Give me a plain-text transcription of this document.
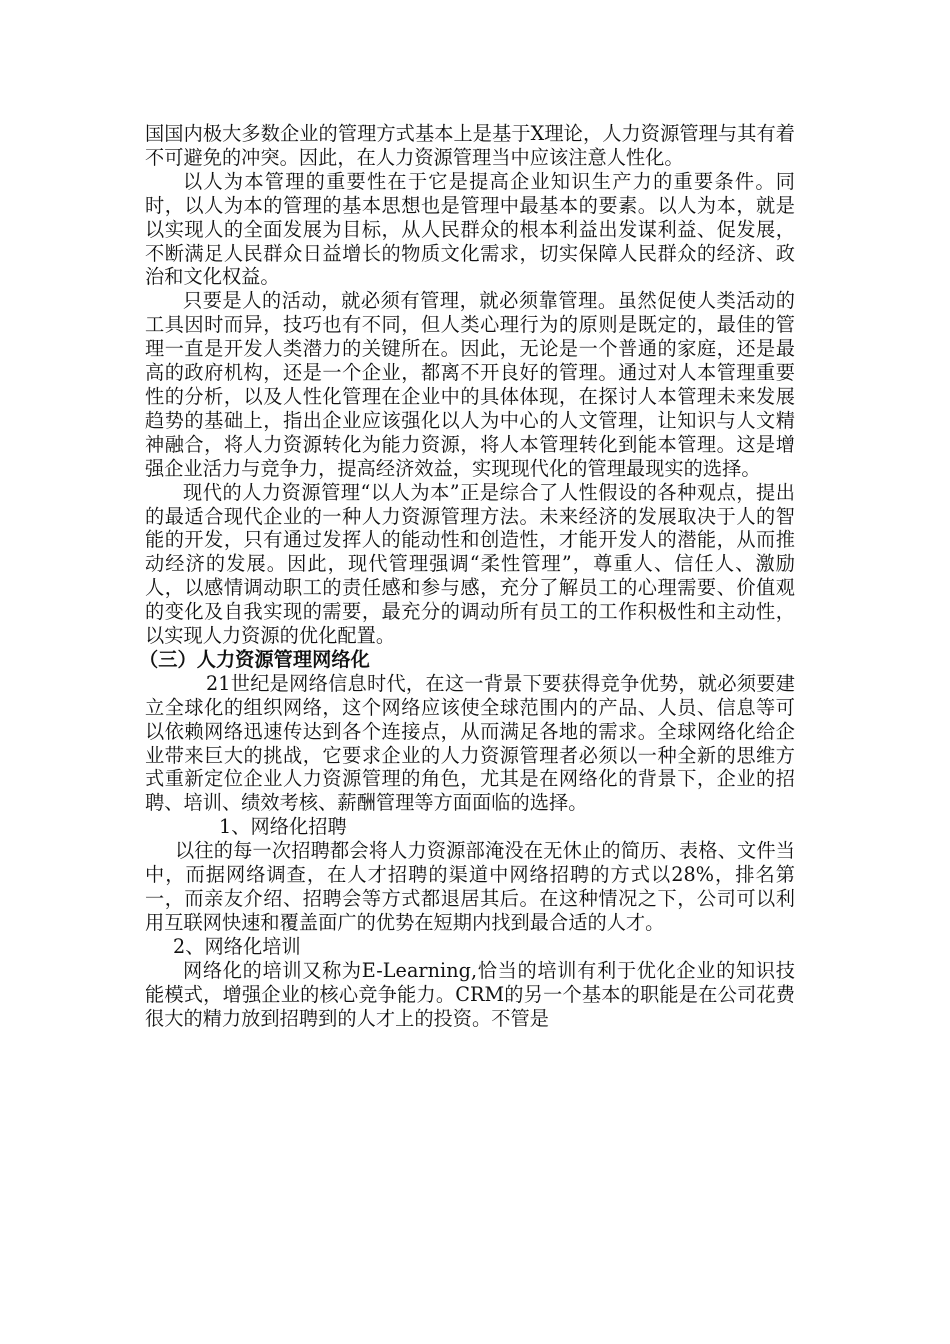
国国内极大多数企业的管理方式基本上是基于X理论，人力资源管理与其有着不可避免的冲突。因此，在人力资源管理当中应该注意人性化。

以人为本管理的重要性在于它是提高企业知识生产力的重要条件。同时，以人为本的管理的基本思想也是管理中最基本的要素。以人为本，就是以实现人的全面发展为目标，从人民群众的根本利益出发谋利益、促发展，不断满足人民群众日益增长的物质文化需求，切实保障人民群众的经济、政治和文化权益。

只要是人的活动，就必须有管理，就必须靠管理。虽然促使人类活动的工具因时而异，技巧也有不同，但人类心理行为的原则是既定的，最佳的管理一直是开发人类潜力的关键所在。因此，无论是一个普通的家庭，还是最高的政府机构，还是一个企业，都离不开良好的管理。通过对人本管理重要性的分析，以及人性化管理在企业中的具体体现，在探讨人本管理未来发展趋势的基础上，指出企业应该强化以人为中心的人文管理，让知识与人文精神融合，将人力资源转化为能力资源，将人本管理转化到能本管理。这是增强企业活力与竞争力，提高经济效益，实现现代化的管理最现实的选择。

现代的人力资源管理“以人为本”正是综合了人性假设的各种观点，提出的最适合现代企业的一种人力资源管理方法。未来经济的发展取决于人的智能的开发，只有通过发挥人的能动性和创造性，才能开发人的潜能，从而推动经济的发展。因此，现代管理强调“柔性管理”，尊重人、信任人、激励人，以感情调动职工的责任感和参与感，充分了解员工的心理需要、价值观的变化及自我实现的需要，最充分的调动所有员工的工作积极性和主动性，以实现人力资源的优化配置。

（三）人力资源管理网络化

21世纪是网络信息时代，在这一背景下要获得竞争优势，就必须要建立全球化的组织网络，这个网络应该使全球范围内的产品、人员、信息等可以依赖网络迅速传达到各个连接点，从而满足各地的需求。全球网络化给企业带来巨大的挑战，它要求企业的人力资源管理者必须以一种全新的思维方式重新定位企业人力资源管理的角色，尤其是在网络化的背景下，企业的招聘、培训、绩效考核、薪酬管理等方面面临的选择。

1、网络化招聘

以往的每一次招聘都会将人力资源部淹没在无休止的简历、表格、文件当中，而据网络调查，在人才招聘的渠道中网络招聘的方式以28%，排名第一，而亲友介绍、招聘会等方式都退居其后。在这种情况之下，公司可以利用互联网快速和覆盖面广的优势在短期内找到最合适的人才。

2、网络化培训

网络化的培训又称为E-Learning,恰当的培训有利于优化企业的知识技能模式，增强企业的核心竞争能力。CRM的另一个基本的职能是在公司花费很大的精力放到招聘到的人才上的投资。不管是
